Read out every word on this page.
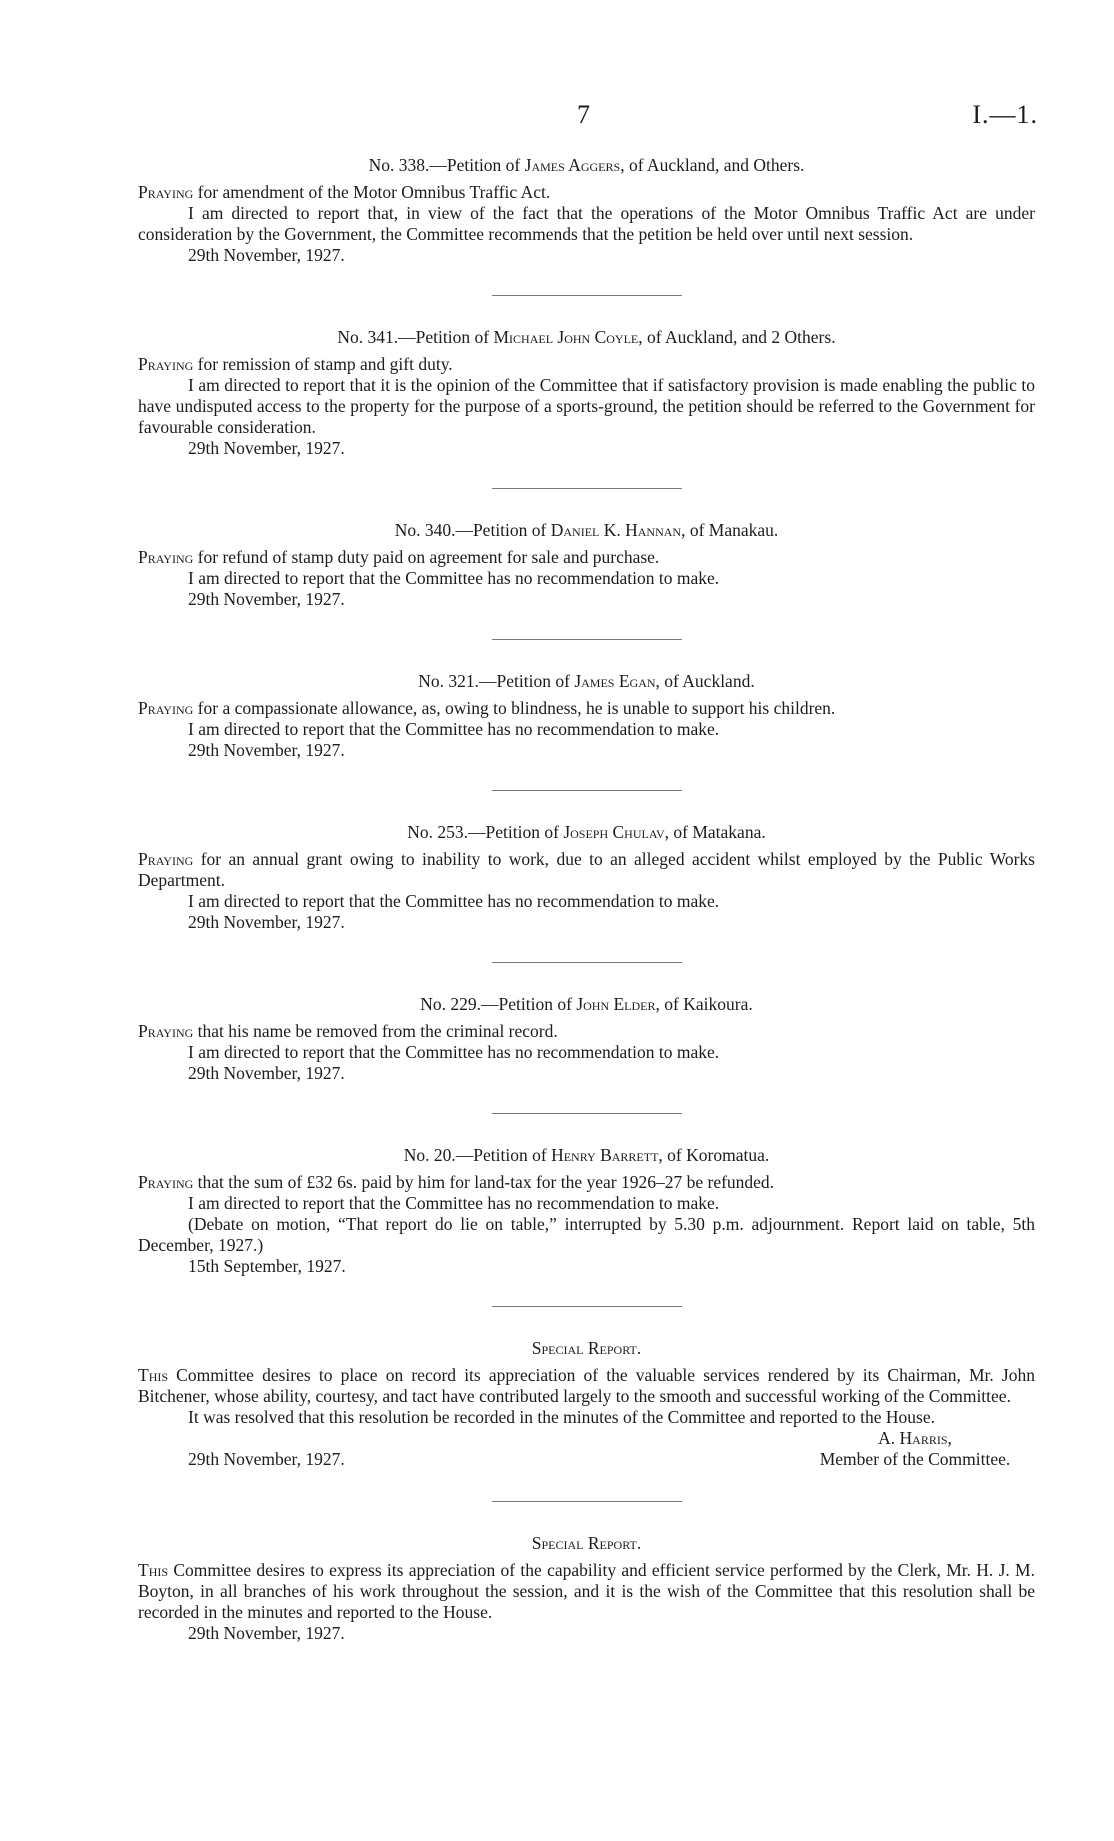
7	I.—1.
No. 338.—Petition of James Aggers, of Auckland, and Others.

Praying for amendment of the Motor Omnibus Traffic Act.

I am directed to report that, in view of the fact that the operations of the Motor Omnibus Traffic Act are under consideration by the Government, the Committee recommends that the petition be held over until next session.

29th November, 1927.

No. 341.—Petition of Michael John Coyle, of Auckland, and 2 Others.

Praying for remission of stamp and gift duty.

I am directed to report that it is the opinion of the Committee that if satisfactory provision is made enabling the public to have undisputed access to the property for the purpose of a sports-ground, the petition should be referred to the Government for favourable consideration.

29th November, 1927.

No. 340.—Petition of Daniel K. Hannan, of Manakau.

Praying for refund of stamp duty paid on agreement for sale and purchase.

I am directed to report that the Committee has no recommendation to make.

29th November, 1927.

No. 321.—Petition of James Egan, of Auckland.

Praying for a compassionate allowance, as, owing to blindness, he is unable to support his children.

I am directed to report that the Committee has no recommendation to make.

29th November, 1927.

No. 253.—Petition of Joseph Chulav, of Matakana.

Praying for an annual grant owing to inability to work, due to an alleged accident whilst employed by the Public Works Department.

I am directed to report that the Committee has no recommendation to make.

29th November, 1927.

No. 229.—Petition of John Elder, of Kaikoura.

Praying that his name be removed from the criminal record.

I am directed to report that the Committee has no recommendation to make.

29th November, 1927.

No. 20.—Petition of Henry Barrett, of Koromatua.

Praying that the sum of £32 6s. paid by him for land-tax for the year 1926–27 be refunded.

I am directed to report that the Committee has no recommendation to make.

(Debate on motion, “That report do lie on table,” interrupted by 5.30 p.m. adjournment. Report laid on table, 5th December, 1927.)

15th September, 1927.

Special Report.

This Committee desires to place on record its appreciation of the valuable services rendered by its Chairman, Mr. John Bitchener, whose ability, courtesy, and tact have contributed largely to the smooth and successful working of the Committee.

It was resolved that this resolution be recorded in the minutes of the Committee and reported to the House.

29th November, 1927.
A. Harris,
Member of the Committee.
Special Report.

This Committee desires to express its appreciation of the capability and efficient service performed by the Clerk, Mr. H. J. M. Boyton, in all branches of his work throughout the session, and it is the wish of the Committee that this resolution shall be recorded in the minutes and reported to the House.

29th November, 1927.
